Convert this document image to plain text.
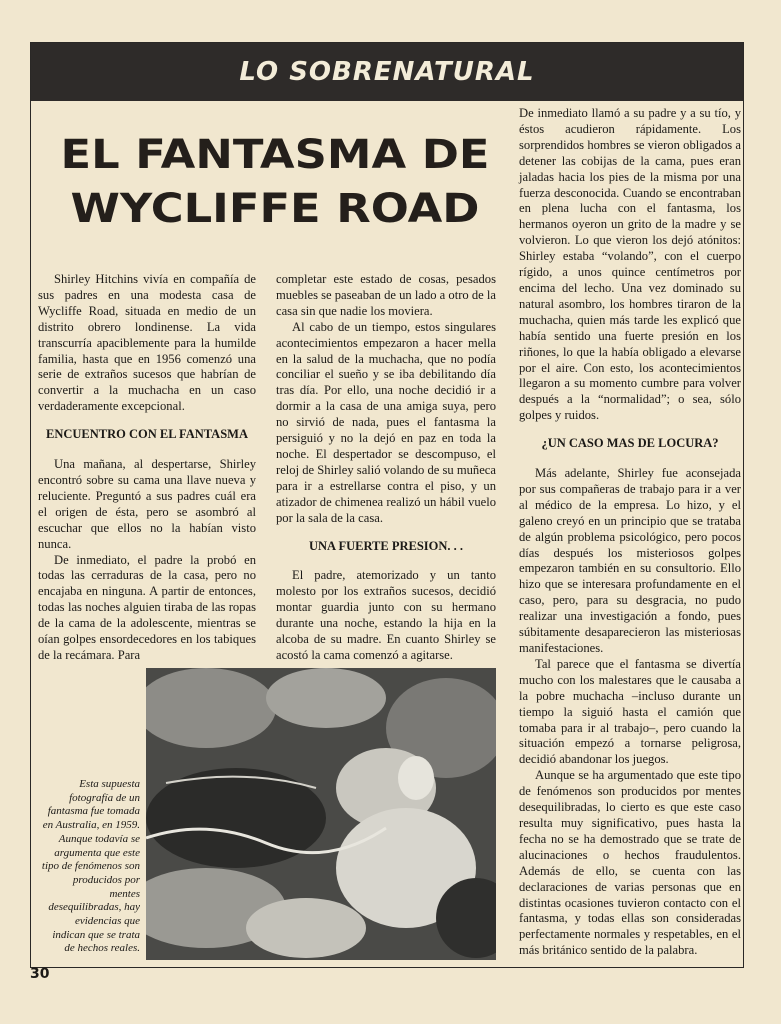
LO SOBRENATURAL
EL FANTASMA DE
WYCLIFFE ROAD

Shirley Hitchins vivía en compañía de sus padres en una modesta casa de Wycliffe Road, situada en medio de un distrito obrero londinense. La vida transcurría apaciblemente para la humilde familia, hasta que en 1956 comenzó una serie de extraños sucesos que habrían de convertir a la muchacha en un caso verdaderamente excepcional.

ENCUENTRO CON EL FANTASMA

Una mañana, al despertarse, Shirley encontró sobre su cama una llave nueva y reluciente. Preguntó a sus padres cuál era el origen de ésta, pero se asombró al escuchar que ellos no la habían visto nunca.

De inmediato, el padre la probó en todas las cerraduras de la casa, pero no encajaba en ninguna. A partir de entonces, todas las noches alguien tiraba de las ropas de la cama de la adolescente, mientras se oían golpes ensordecedores en los tabiques de la recámara. Para

completar este estado de cosas, pesados muebles se paseaban de un lado a otro de la casa sin que nadie los moviera.

Al cabo de un tiempo, estos singulares acontecimientos empezaron a hacer mella en la salud de la muchacha, que no podía conciliar el sueño y se iba debilitando día tras día. Por ello, una noche decidió ir a dormir a la casa de una amiga suya, pero no sirvió de nada, pues el fantasma la persiguió y no la dejó en paz en toda la noche. El despertador se descompuso, el reloj de Shirley salió volando de su muñeca para ir a estrellarse contra el piso, y un atizador de chimenea realizó un hábil vuelo por la sala de la casa.

UNA FUERTE PRESION. . .

El padre, atemorizado y un tanto molesto por los extraños sucesos, decidió montar guardia junto con su hermano durante una noche, estando la hija en la alcoba de su madre. En cuanto Shirley se acostó la cama comenzó a agitarse.

De inmediato llamó a su padre y a su tío, y éstos acudieron rápidamente. Los sorprendidos hombres se vieron obligados a detener las cobijas de la cama, pues eran jaladas hacia los pies de la misma por una fuerza desconocida. Cuando se encontraban en plena lucha con el fantasma, los hermanos oyeron un grito de la madre y se volvieron. Lo que vieron los dejó atónitos: Shirley estaba “volando”, con el cuerpo rígido, a unos quince centímetros por encima del lecho. Una vez dominado su natural asombro, los hombres tiraron de la muchacha, quien más tarde les explicó que había sentido una fuerte presión en los riñones, lo que la había obligado a elevarse por el aire. Con esto, los acontecimientos llegaron a su momento cumbre para volver después a la “normalidad”; o sea, sólo golpes y ruidos.

¿UN CASO MAS DE LOCURA?

Más adelante, Shirley fue aconsejada por sus compañeras de trabajo para ir a ver al médico de la empresa. Lo hizo, y el galeno creyó en un principio que se trataba de algún problema psicológico, pero pocos días después los misteriosos golpes empezaron también en su consultorio. Ello hizo que se interesara profundamente en el caso, pero, para su desgracia, no pudo realizar una investigación a fondo, pues súbitamente desaparecieron las misteriosas manifestaciones.

Tal parece que el fantasma se divertía mucho con los malestares que le causaba a la pobre muchacha –incluso durante un tiempo la siguió hasta el camión que tomaba para ir al trabajo–, pero cuando la situación empezó a tornarse peligrosa, decidió abandonar los juegos.

Aunque se ha argumentado que este tipo de fenómenos son producidos por mentes desequilibradas, lo cierto es que este caso resulta muy significativo, pues hasta la fecha no se ha demostrado que se trate de alucinaciones o hechos fraudulentos. Además de ello, se cuenta con las declaraciones de varias personas que en distintas ocasiones tuvieron contacto con el fantasma, y todas ellas son consideradas perfectamente normales y respetables, en el más británico sentido de la palabra.

Esta supuesta fotografía de un fantasma fue tomada en Australia, en 1959. Aunque todavía se argumenta que este tipo de fenómenos son producidos por mentes desequilibradas, hay evidencias que indican que se trata de hechos reales.
30
